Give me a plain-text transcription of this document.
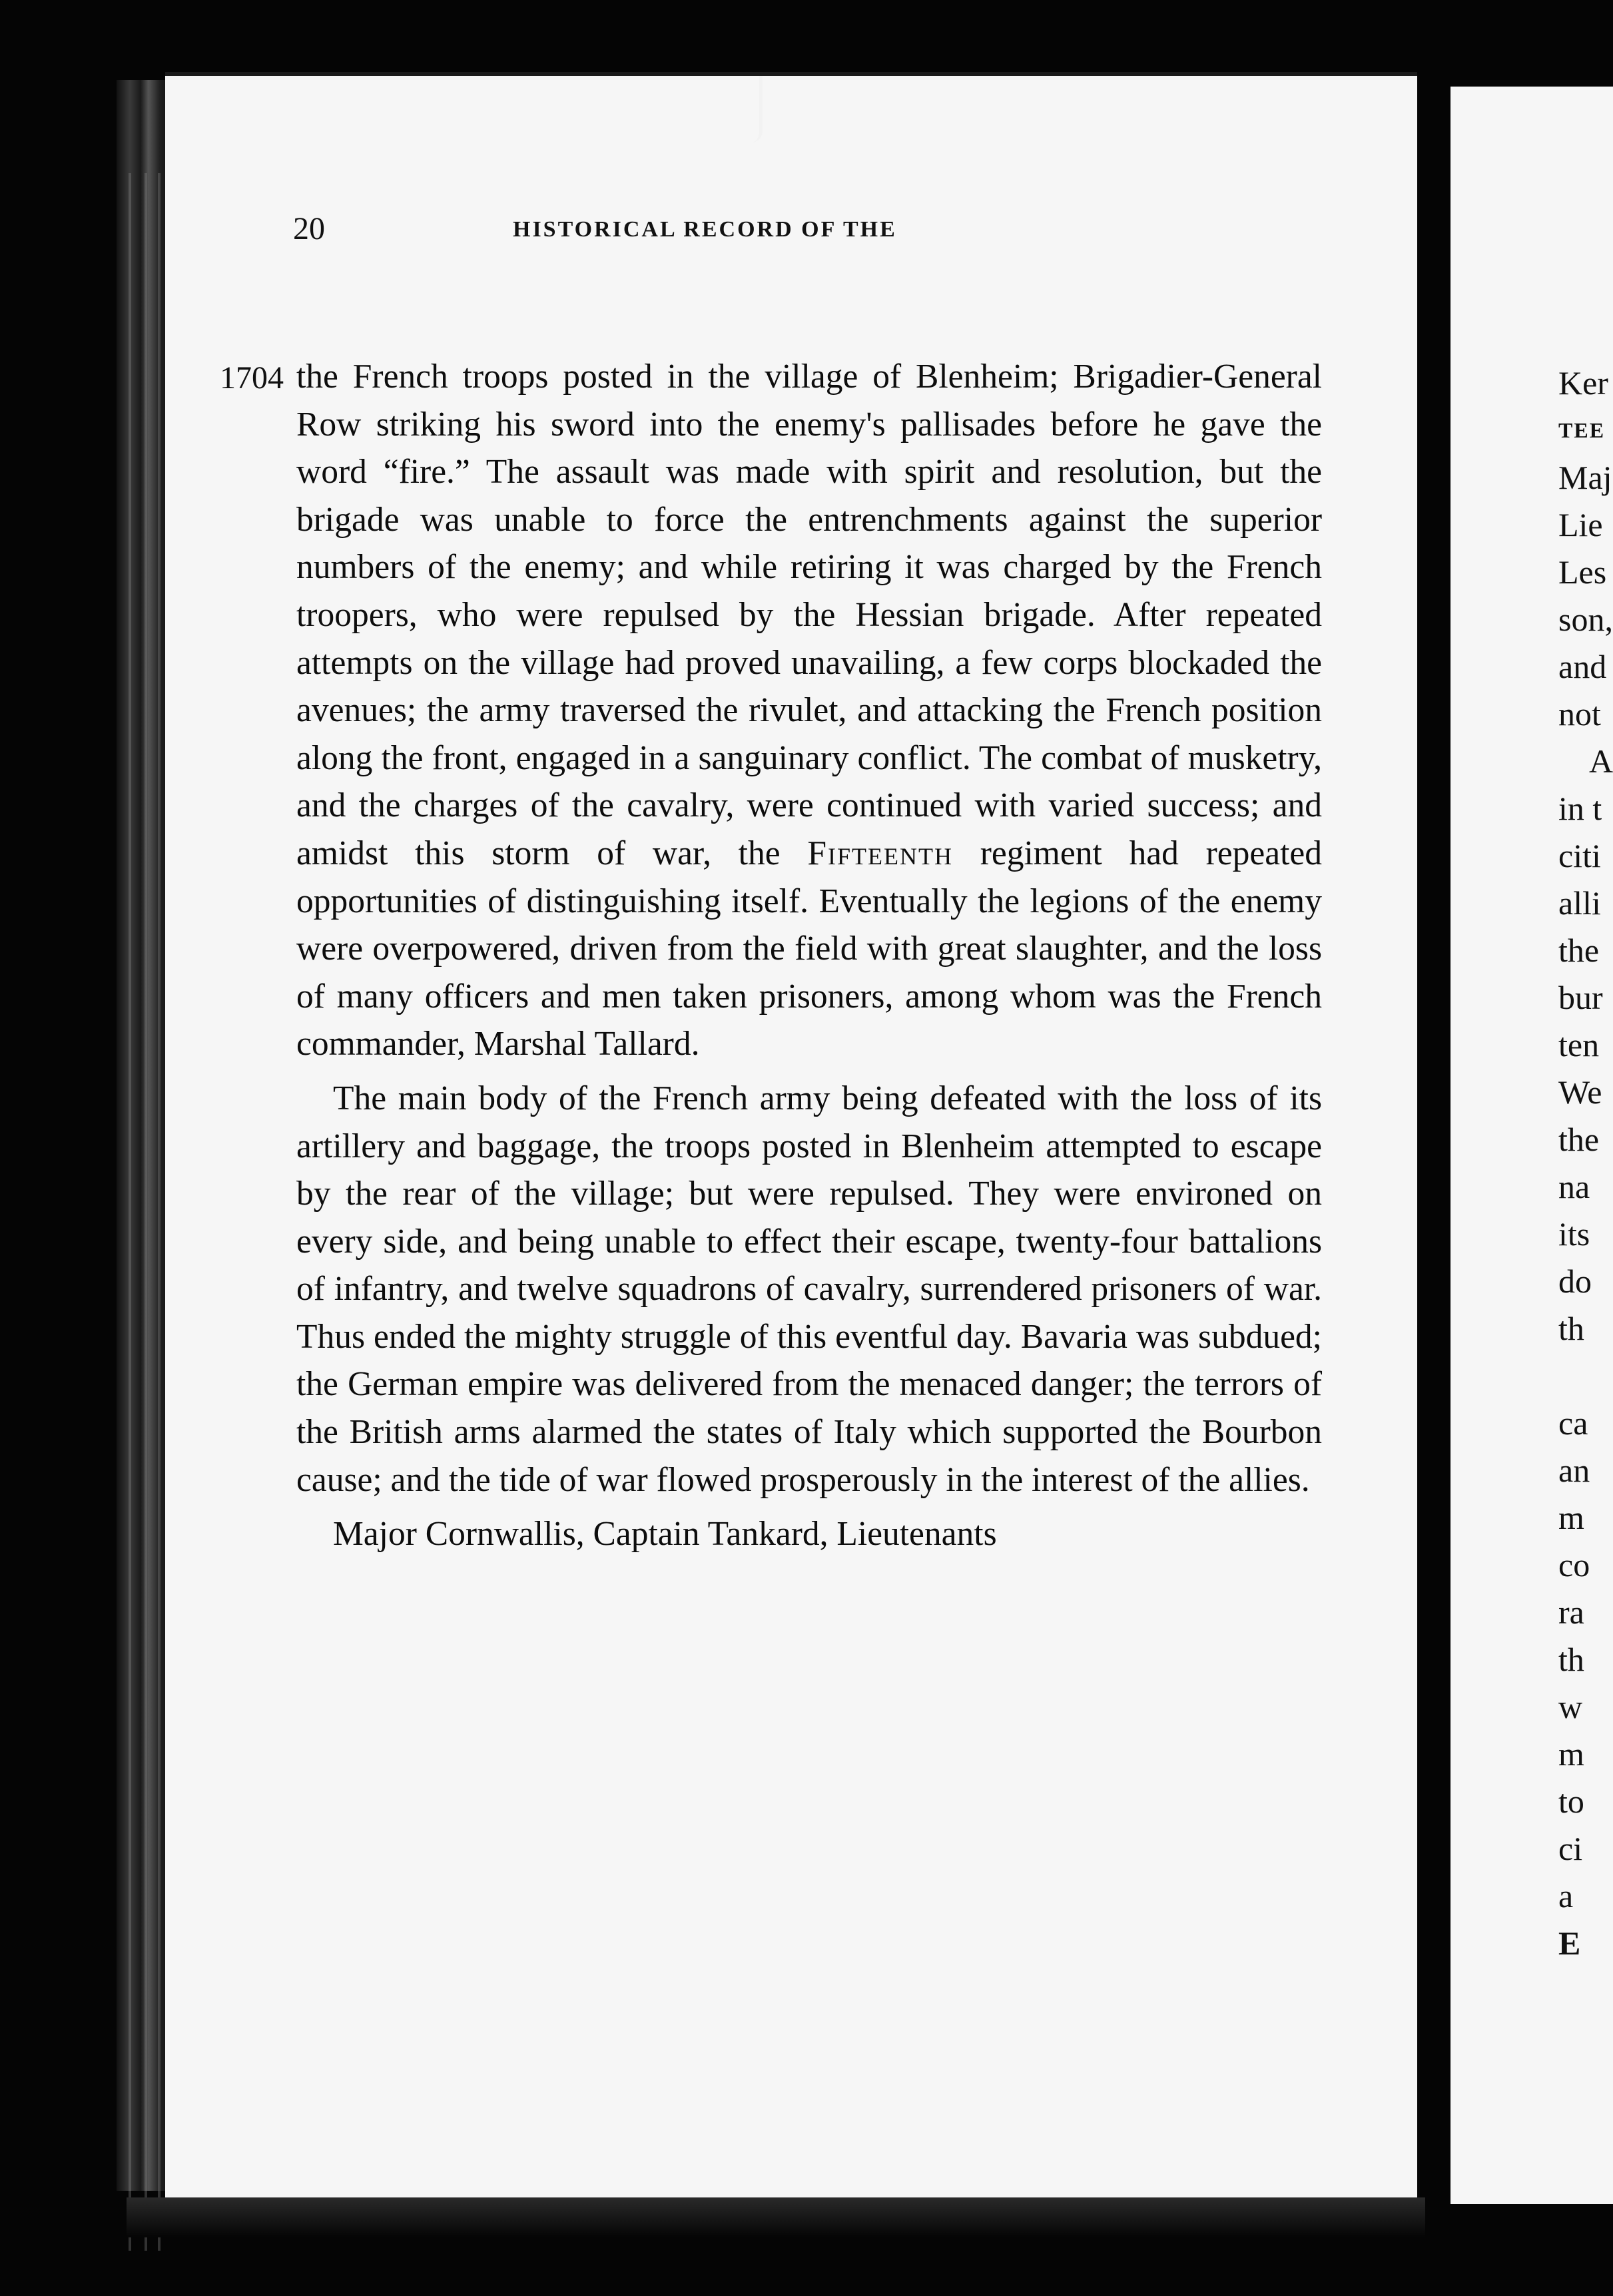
20	HISTORICAL RECORD OF THE
1704 the French troops posted in the village of Blenheim; Brigadier-General Row striking his sword into the enemy's pallisades before he gave the word “fire.” The assault was made with spirit and resolution, but the brigade was unable to force the entrenchments against the superior numbers of the enemy; and while retiring it was charged by the French troopers, who were repulsed by the Hessian brigade. After repeated attempts on the village had proved unavailing, a few corps blockaded the avenues; the army traversed the rivulet, and attacking the French position along the front, engaged in a sanguinary conflict. The combat of musketry, and the charges of the cavalry, were continued with varied success; and amidst this storm of war, the Fifteenth regiment had repeated opportunities of distinguishing itself. Eventually the legions of the enemy were overpowered, driven from the field with great slaughter, and the loss of many officers and men taken prisoners, among whom was the French commander, Marshal Tallard.

The main body of the French army being defeated with the loss of its artillery and baggage, the troops posted in Blenheim attempted to escape by the rear of the village; but were repulsed. They were environed on every side, and being unable to effect their escape, twenty-four battalions of infantry, and twelve squadrons of cavalry, surrendered prisoners of war. Thus ended the mighty struggle of this eventful day. Bavaria was subdued; the German empire was delivered from the menaced danger; the terrors of the British arms alarmed the states of Italy which supported the Bourbon cause; and the tide of war flowed prosperously in the interest of the allies.

Major Cornwallis, Captain Tankard, Lieutenants

Ker
TEE
Maj
Lie
Les
son,
and
not
A
in t
citi
alli
the
bur
ten
We
the
na
its
do
th
ca
an
m
co
ra
th
w
m
to
ci
a
E
